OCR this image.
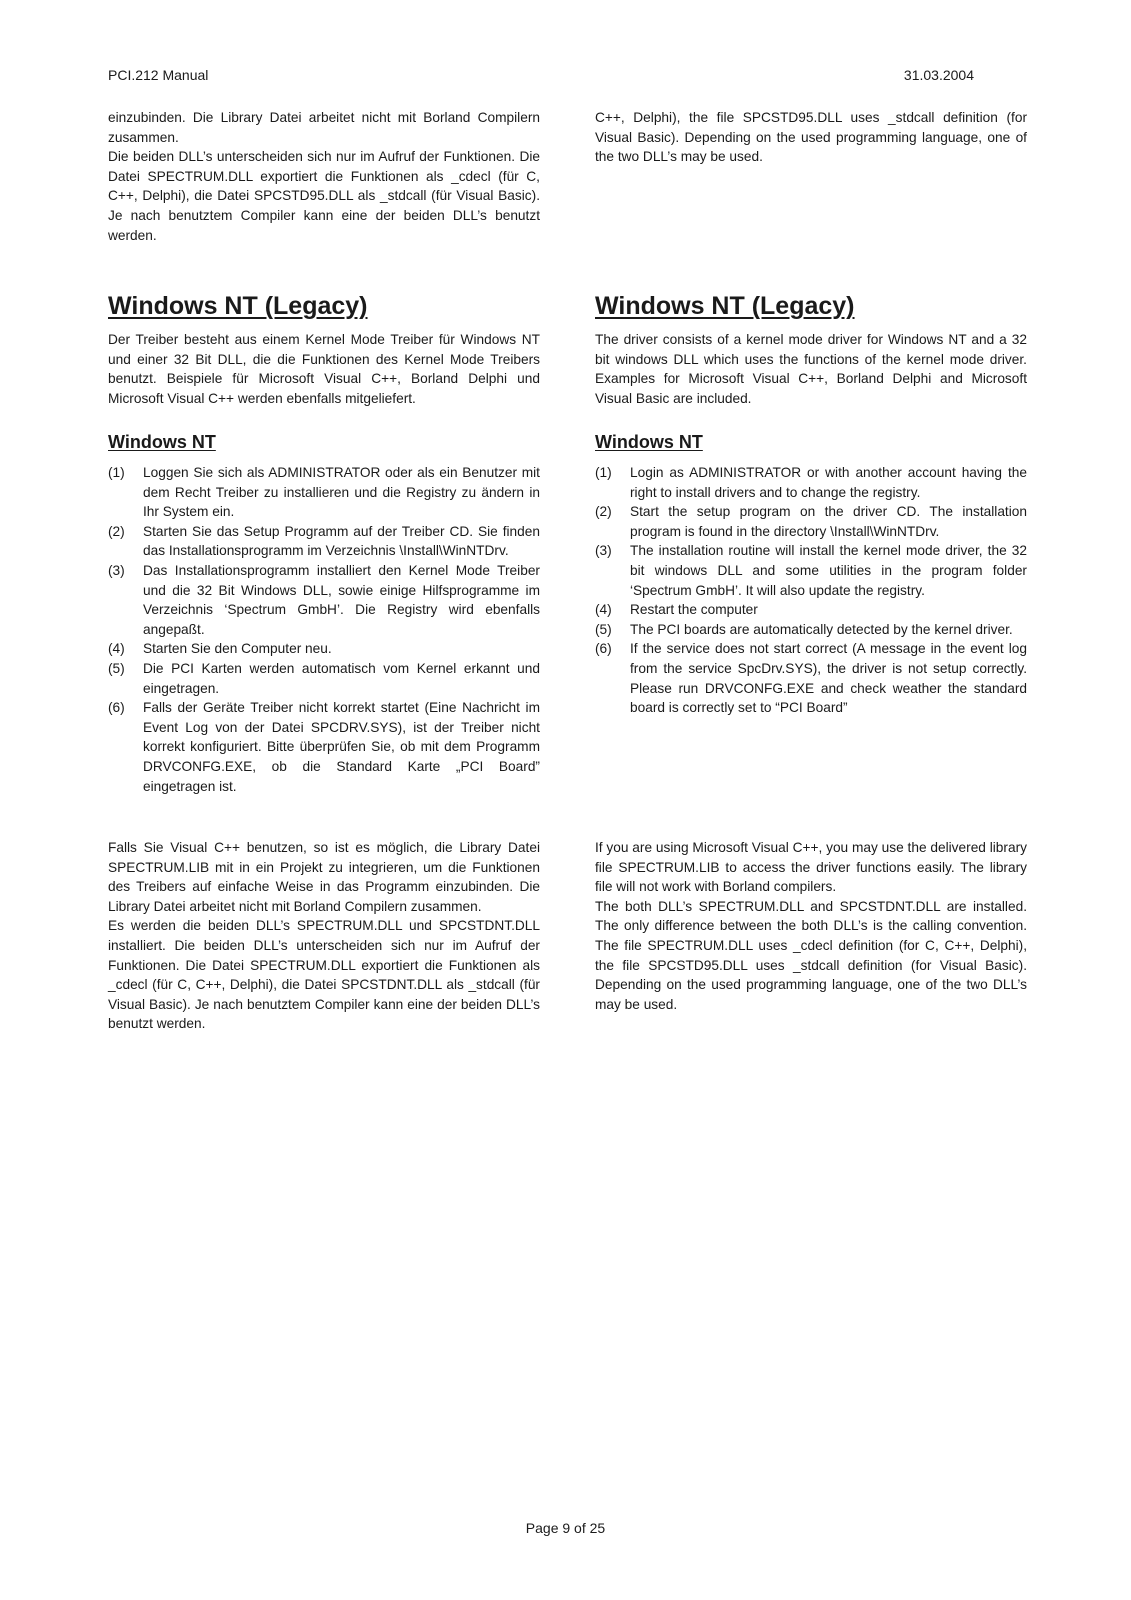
PCI.212 Manual	31.03.2004

einzubinden. Die Library Datei arbeitet nicht mit Borland Compilern zusammen.

Die beiden DLL’s unterscheiden sich nur im Aufruf der Funktionen. Die Datei SPECTRUM.DLL exportiert die Funktionen als _cdecl (für C, C++, Delphi), die Datei SPCSTD95.DLL als _stdcall (für Visual Basic). Je nach benutztem Compiler kann eine der beiden DLL’s benutzt werden.

C++, Delphi), the file SPCSTD95.DLL uses _stdcall definition (for Visual Basic). Depending on the used programming language, one of the two DLL’s may be used.

Windows NT (Legacy)	Windows NT (Legacy)

Der Treiber besteht aus einem Kernel Mode Treiber für Windows NT und einer 32 Bit DLL, die die Funktionen des Kernel Mode Treibers benutzt. Beispiele für Microsoft Visual C++, Borland Delphi und Microsoft Visual C++ werden ebenfalls mitgeliefert.

The driver consists of a kernel mode driver for Windows NT and a 32 bit windows DLL which uses the functions of the kernel mode driver. Examples for Microsoft Visual C++, Borland Delphi and Microsoft Visual Basic are included.

Windows NT	Windows NT
(1) Loggen Sie sich als ADMINISTRATOR oder als ein Benutzer mit dem Recht Treiber zu installieren und die Registry zu ändern in Ihr System ein.
(2) Starten Sie das Setup Programm auf der Treiber CD. Sie finden das Installationsprogramm im Verzeichnis \Install\WinNTDrv.
(3) Das Installationsprogramm installiert den Kernel Mode Treiber und die 32 Bit Windows DLL, sowie einige Hilfsprogramme im Verzeichnis ‘Spectrum GmbH’. Die Registry wird ebenfalls angepaßt.
(4) Starten Sie den Computer neu.
(5) Die PCI Karten werden automatisch vom Kernel erkannt und eingetragen.
(6) Falls der Geräte Treiber nicht korrekt startet (Eine Nachricht im Event Log von der Datei SPCDRV.SYS), ist der Treiber nicht korrekt konfiguriert. Bitte überprüfen Sie, ob mit dem Programm DRVCONFG.EXE, ob die Standard Karte „PCI Board” eingetragen ist.
(1) Login as ADMINISTRATOR or with another account having the right to install drivers and to change the registry.
(2) Start the setup program on the driver CD. The installation program is found in the directory \Install\WinNTDrv.
(3) The installation routine will install the kernel mode driver, the 32 bit windows DLL and some utilities in the program folder ‘Spectrum GmbH’. It will also update the registry.
(4) Restart the computer
(5) The PCI boards are automatically detected by the kernel driver.
(6) If the service does not start correct (A message in the event log from the service SpcDrv.SYS), the driver is not setup correctly. Please run DRVCONFG.EXE and check weather the standard board is correctly set to “PCI Board”

Falls Sie Visual C++ benutzen, so ist es möglich, die Library Datei SPECTRUM.LIB mit in ein Projekt zu integrieren, um die Funktionen des Treibers auf einfache Weise in das Programm einzubinden. Die Library Datei arbeitet nicht mit Borland Compilern zusammen.

Es werden die beiden DLL’s SPECTRUM.DLL und SPCSTDNT.DLL installiert. Die beiden DLL’s unterscheiden sich nur im Aufruf der Funktionen. Die Datei SPECTRUM.DLL exportiert die Funktionen als _cdecl (für C, C++, Delphi), die Datei SPCSTDNT.DLL als _stdcall (für Visual Basic). Je nach benutztem Compiler kann eine der beiden DLL’s benutzt werden.

If you are using Microsoft Visual C++, you may use the delivered library file SPECTRUM.LIB to access the driver functions easily. The library file will not work with Borland compilers.

The both DLL’s SPECTRUM.DLL and SPCSTDNT.DLL are installed. The only difference between the both DLL’s is the calling convention. The file SPECTRUM.DLL uses _cdecl definition (for C, C++, Delphi), the file SPCSTD95.DLL uses _stdcall definition (for Visual Basic). Depending on the used programming language, one of the two DLL’s may be used.

Page 9 of 25
